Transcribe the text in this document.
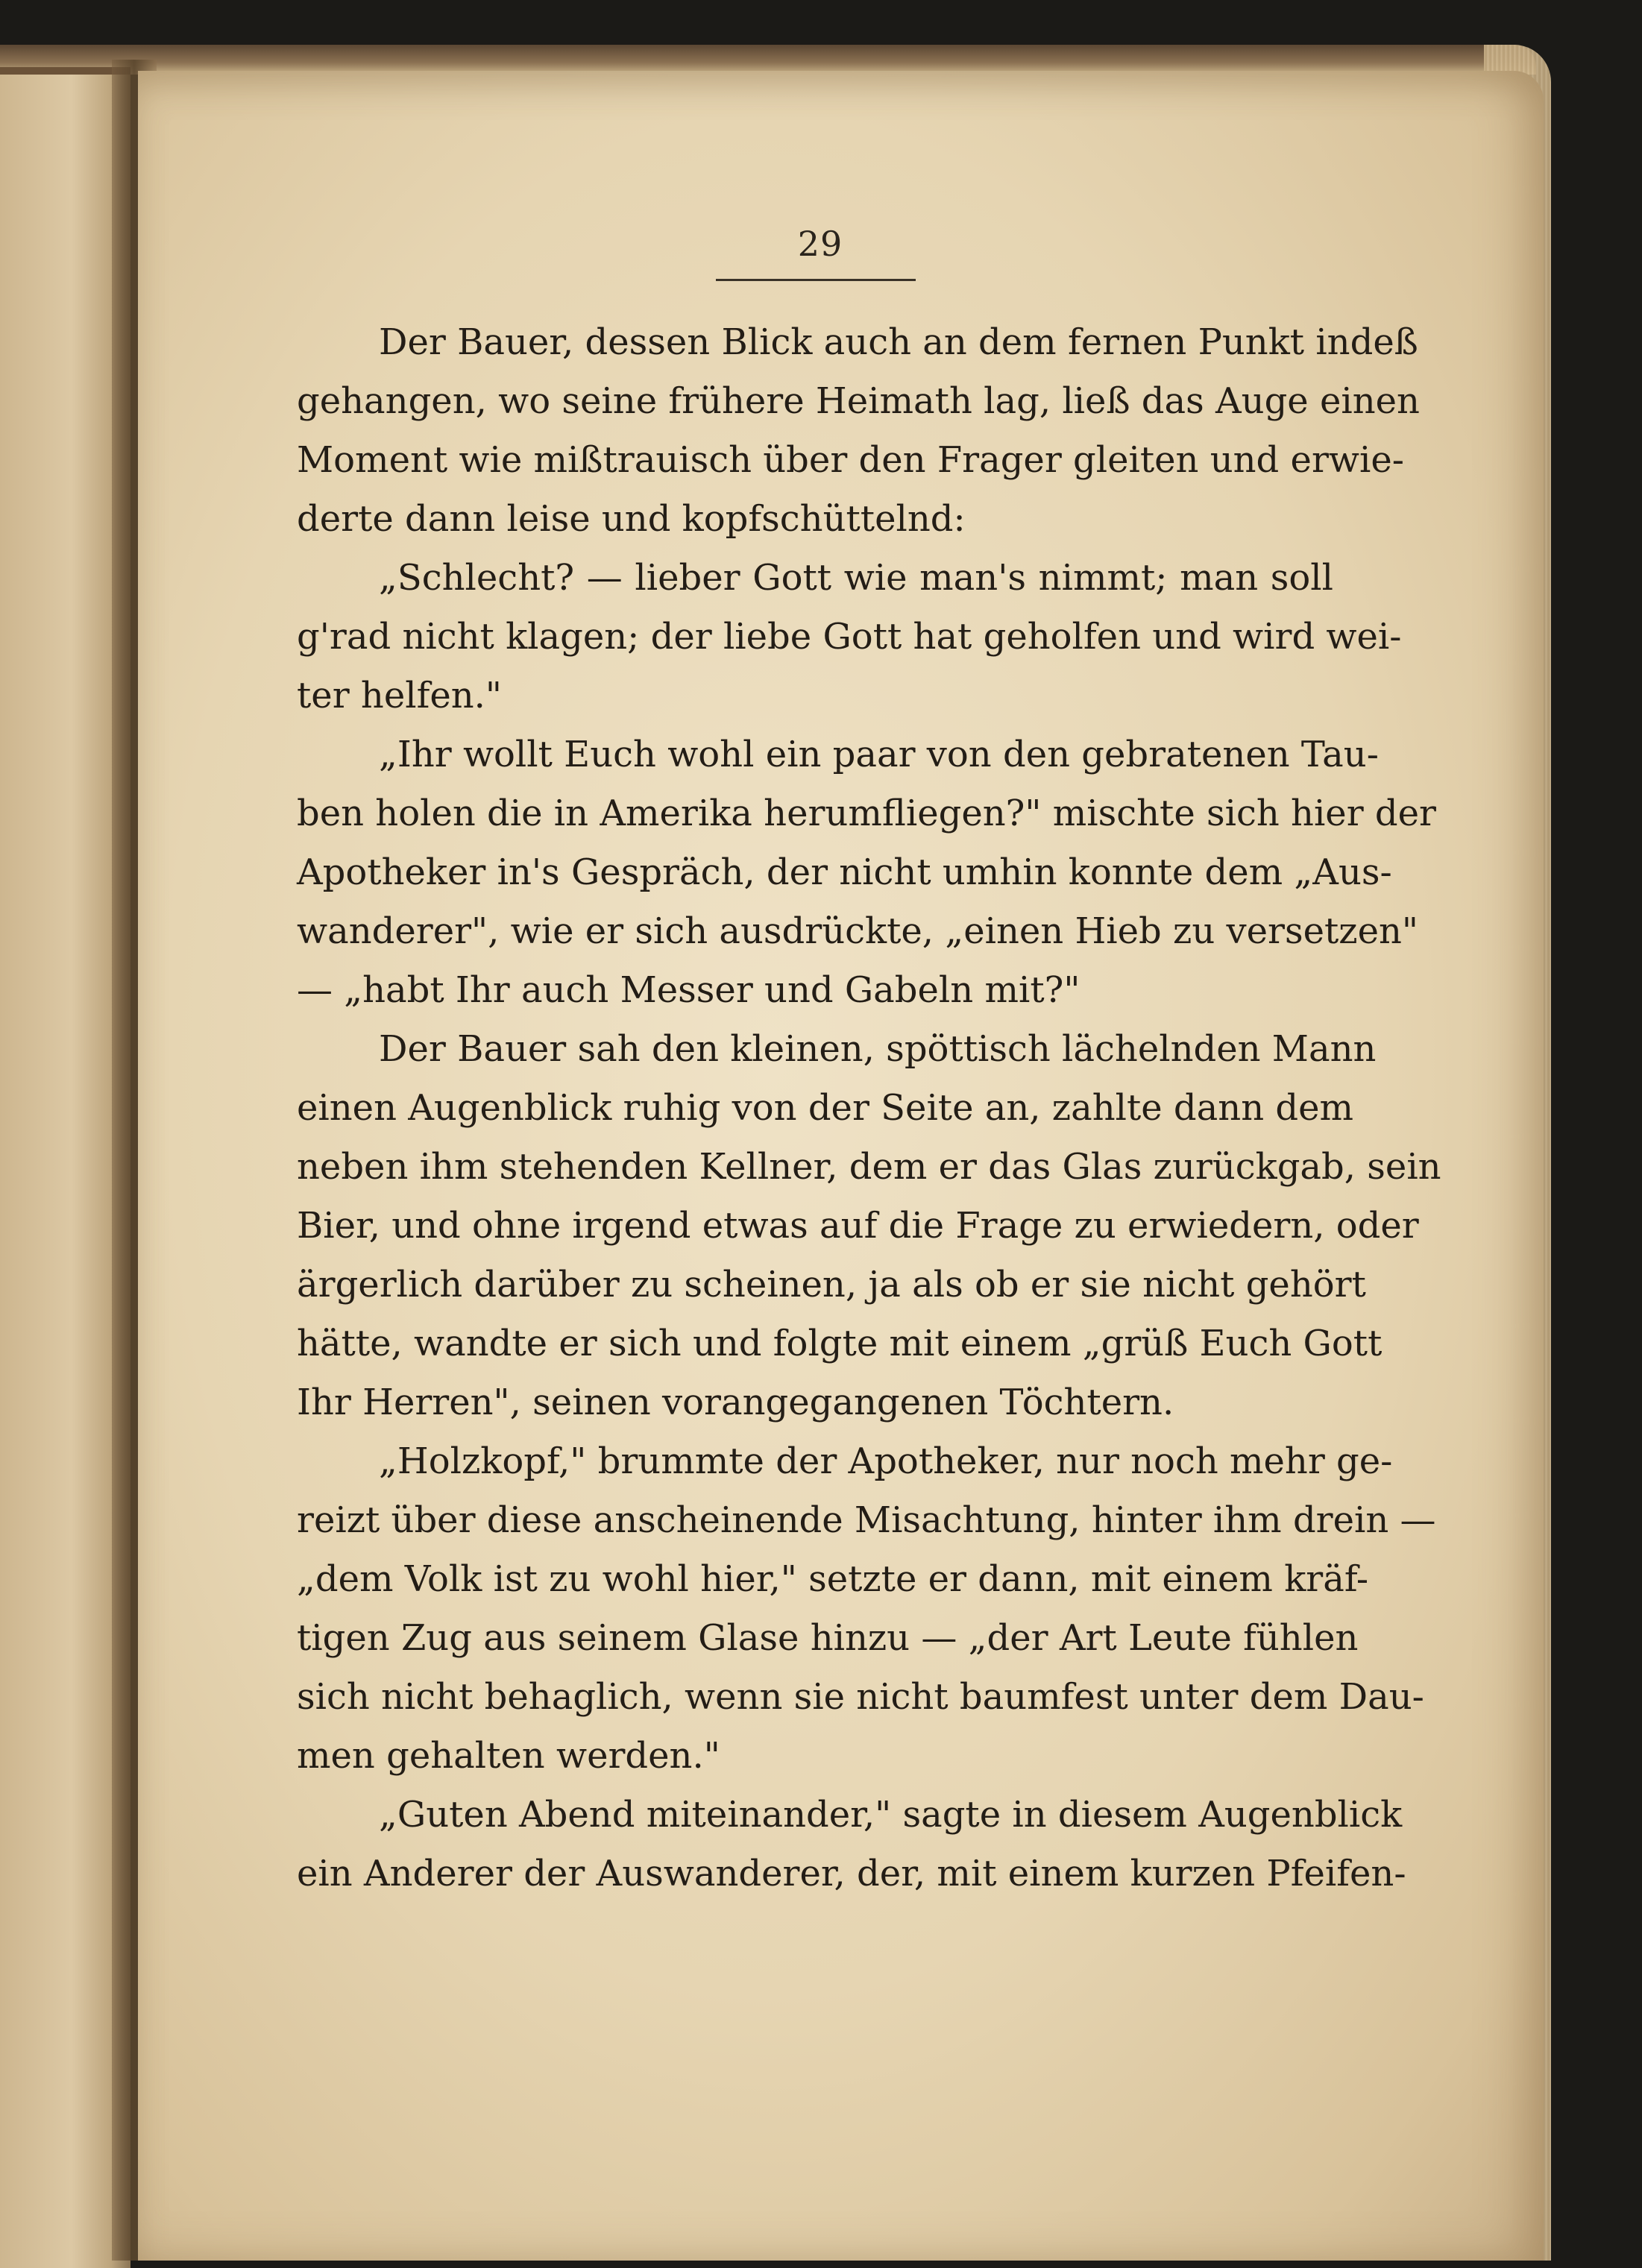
29
Der Bauer, dessen Blick auch an dem fernen Punkt indeß
gehangen, wo seine frühere Heimath lag, ließ das Auge einen
Moment wie mißtrauisch über den Frager gleiten und erwie-
derte dann leise und kopfschüttelnd:
„Schlecht? — lieber Gott wie man's nimmt; man soll
g'rad nicht klagen; der liebe Gott hat geholfen und wird wei-
ter helfen."
„Ihr wollt Euch wohl ein paar von den gebratenen Tau-
ben holen die in Amerika herumfliegen?" mischte sich hier der
Apotheker in's Gespräch, der nicht umhin konnte dem „Aus-
wanderer", wie er sich ausdrückte, „einen Hieb zu versetzen"
— „habt Ihr auch Messer und Gabeln mit?"
Der Bauer sah den kleinen, spöttisch lächelnden Mann
einen Augenblick ruhig von der Seite an, zahlte dann dem
neben ihm stehenden Kellner, dem er das Glas zurückgab, sein
Bier, und ohne irgend etwas auf die Frage zu erwiedern, oder
ärgerlich darüber zu scheinen, ja als ob er sie nicht gehört
hätte, wandte er sich und folgte mit einem „grüß Euch Gott
Ihr Herren", seinen vorangegangenen Töchtern.
„Holzkopf," brummte der Apotheker, nur noch mehr ge-
reizt über diese anscheinende Misachtung, hinter ihm drein —
„dem Volk ist zu wohl hier," setzte er dann, mit einem kräf-
tigen Zug aus seinem Glase hinzu — „der Art Leute fühlen
sich nicht behaglich, wenn sie nicht baumfest unter dem Dau-
men gehalten werden."
„Guten Abend miteinander," sagte in diesem Augenblick
ein Anderer der Auswanderer, der, mit einem kurzen Pfeifen-
